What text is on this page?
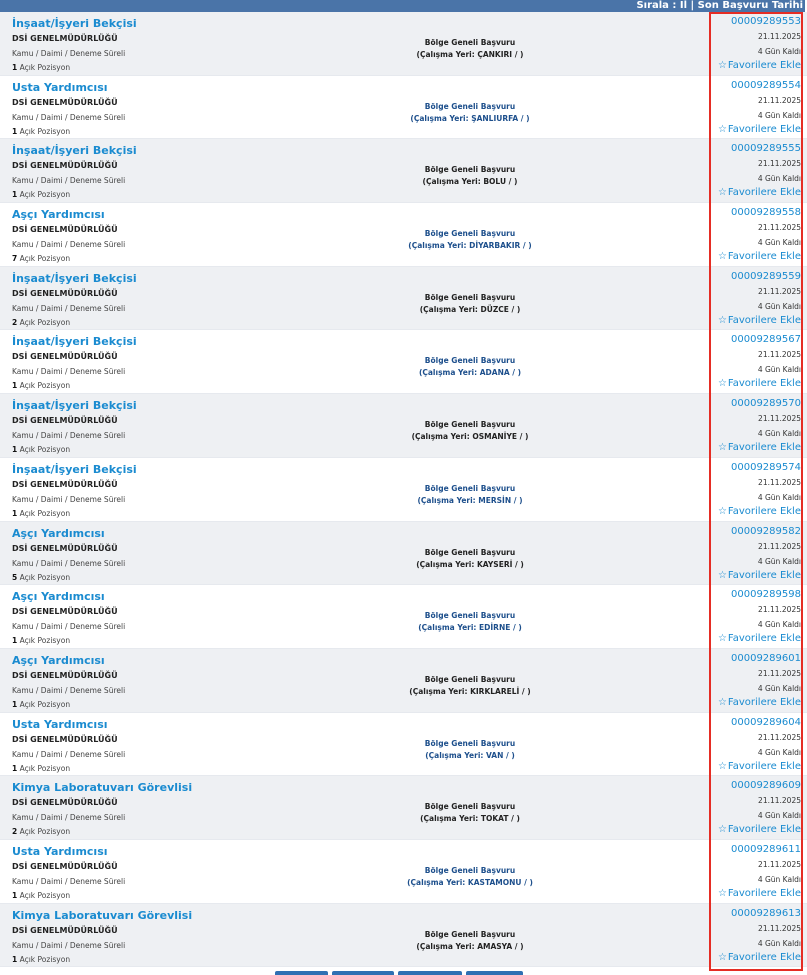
Sırala : İl | Son Başvuru Tarihi
İnşaat/İşyeri Bekçisi
DSİ GENELMÜDÜRLÜĞÜ
Kamu / Daimi / Deneme Süreli
1 Açık Pozisyon
Bölge Geneli Başvuru
(Çalışma Yeri: ÇANKIRI / )
00009289553
21.11.2025
4 Gün Kaldı
☆Favorilere Ekle
Usta Yardımcısı
DSİ GENELMÜDÜRLÜĞÜ
Kamu / Daimi / Deneme Süreli
1 Açık Pozisyon
Bölge Geneli Başvuru
(Çalışma Yeri: ŞANLIURFA / )
00009289554
21.11.2025
4 Gün Kaldı
☆Favorilere Ekle
İnşaat/İşyeri Bekçisi
DSİ GENELMÜDÜRLÜĞÜ
Kamu / Daimi / Deneme Süreli
1 Açık Pozisyon
Bölge Geneli Başvuru
(Çalışma Yeri: BOLU / )
00009289555
21.11.2025
4 Gün Kaldı
☆Favorilere Ekle
Aşçı Yardımcısı
DSİ GENELMÜDÜRLÜĞÜ
Kamu / Daimi / Deneme Süreli
7 Açık Pozisyon
Bölge Geneli Başvuru
(Çalışma Yeri: DİYARBAKIR / )
00009289558
21.11.2025
4 Gün Kaldı
☆Favorilere Ekle
İnşaat/İşyeri Bekçisi
DSİ GENELMÜDÜRLÜĞÜ
Kamu / Daimi / Deneme Süreli
2 Açık Pozisyon
Bölge Geneli Başvuru
(Çalışma Yeri: DÜZCE / )
00009289559
21.11.2025
4 Gün Kaldı
☆Favorilere Ekle
İnşaat/İşyeri Bekçisi
DSİ GENELMÜDÜRLÜĞÜ
Kamu / Daimi / Deneme Süreli
1 Açık Pozisyon
Bölge Geneli Başvuru
(Çalışma Yeri: ADANA / )
00009289567
21.11.2025
4 Gün Kaldı
☆Favorilere Ekle
İnşaat/İşyeri Bekçisi
DSİ GENELMÜDÜRLÜĞÜ
Kamu / Daimi / Deneme Süreli
1 Açık Pozisyon
Bölge Geneli Başvuru
(Çalışma Yeri: OSMANİYE / )
00009289570
21.11.2025
4 Gün Kaldı
☆Favorilere Ekle
İnşaat/İşyeri Bekçisi
DSİ GENELMÜDÜRLÜĞÜ
Kamu / Daimi / Deneme Süreli
1 Açık Pozisyon
Bölge Geneli Başvuru
(Çalışma Yeri: MERSİN / )
00009289574
21.11.2025
4 Gün Kaldı
☆Favorilere Ekle
Aşçı Yardımcısı
DSİ GENELMÜDÜRLÜĞÜ
Kamu / Daimi / Deneme Süreli
5 Açık Pozisyon
Bölge Geneli Başvuru
(Çalışma Yeri: KAYSERİ / )
00009289582
21.11.2025
4 Gün Kaldı
☆Favorilere Ekle
Aşçı Yardımcısı
DSİ GENELMÜDÜRLÜĞÜ
Kamu / Daimi / Deneme Süreli
1 Açık Pozisyon
Bölge Geneli Başvuru
(Çalışma Yeri: EDİRNE / )
00009289598
21.11.2025
4 Gün Kaldı
☆Favorilere Ekle
Aşçı Yardımcısı
DSİ GENELMÜDÜRLÜĞÜ
Kamu / Daimi / Deneme Süreli
1 Açık Pozisyon
Bölge Geneli Başvuru
(Çalışma Yeri: KIRKLARELİ / )
00009289601
21.11.2025
4 Gün Kaldı
☆Favorilere Ekle
Usta Yardımcısı
DSİ GENELMÜDÜRLÜĞÜ
Kamu / Daimi / Deneme Süreli
1 Açık Pozisyon
Bölge Geneli Başvuru
(Çalışma Yeri: VAN / )
00009289604
21.11.2025
4 Gün Kaldı
☆Favorilere Ekle
Kimya Laboratuvarı Görevlisi
DSİ GENELMÜDÜRLÜĞÜ
Kamu / Daimi / Deneme Süreli
2 Açık Pozisyon
Bölge Geneli Başvuru
(Çalışma Yeri: TOKAT / )
00009289609
21.11.2025
4 Gün Kaldı
☆Favorilere Ekle
Usta Yardımcısı
DSİ GENELMÜDÜRLÜĞÜ
Kamu / Daimi / Deneme Süreli
1 Açık Pozisyon
Bölge Geneli Başvuru
(Çalışma Yeri: KASTAMONU / )
00009289611
21.11.2025
4 Gün Kaldı
☆Favorilere Ekle
Kimya Laboratuvarı Görevlisi
DSİ GENELMÜDÜRLÜĞÜ
Kamu / Daimi / Deneme Süreli
1 Açık Pozisyon
Bölge Geneli Başvuru
(Çalışma Yeri: AMASYA / )
00009289613
21.11.2025
4 Gün Kaldı
☆Favorilere Ekle
